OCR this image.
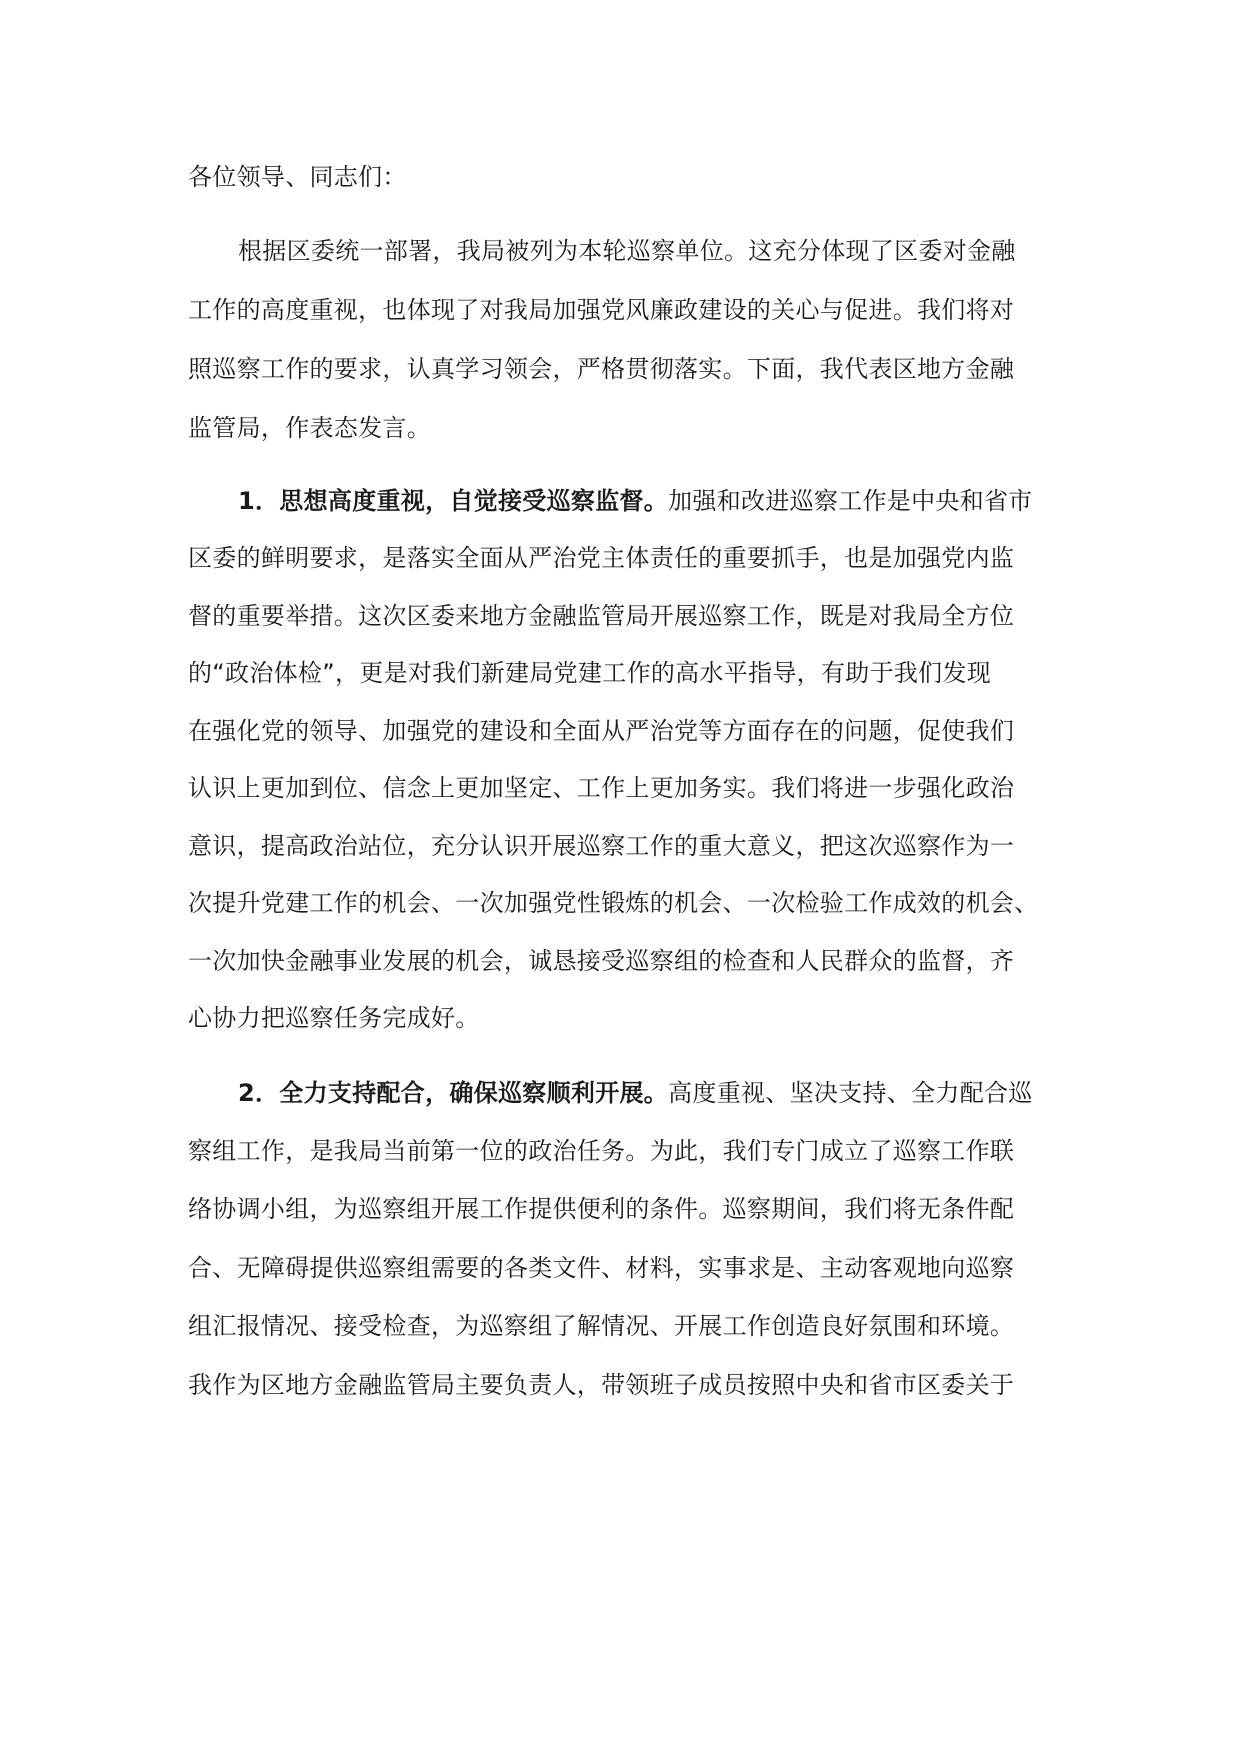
各位领导、同志们：
根据区委统一部署，我局被列为本轮巡察单位。这充分体现了区委对金融
工作的高度重视，也体现了对我局加强党风廉政建设的关心与促进。我们将对
照巡察工作的要求，认真学习领会，严格贯彻落实。下面，我代表区地方金融
监管局，作表态发言。
1．思想高度重视，自觉接受巡察监督。加强和改进巡察工作是中央和省市
区委的鲜明要求，是落实全面从严治党主体责任的重要抓手，也是加强党内监
督的重要举措。这次区委来地方金融监管局开展巡察工作，既是对我局全方位
的“政治体检”，更是对我们新建局党建工作的高水平指导，有助于我们发现
在强化党的领导、加强党的建设和全面从严治党等方面存在的问题，促使我们
认识上更加到位、信念上更加坚定、工作上更加务实。我们将进一步强化政治
意识，提高政治站位，充分认识开展巡察工作的重大意义，把这次巡察作为一
次提升党建工作的机会、一次加强党性锻炼的机会、一次检验工作成效的机会、
一次加快金融事业发展的机会，诚恳接受巡察组的检查和人民群众的监督，齐
心协力把巡察任务完成好。
2．全力支持配合，确保巡察顺利开展。高度重视、坚决支持、全力配合巡
察组工作，是我局当前第一位的政治任务。为此，我们专门成立了巡察工作联
络协调小组，为巡察组开展工作提供便利的条件。巡察期间，我们将无条件配
合、无障碍提供巡察组需要的各类文件、材料，实事求是、主动客观地向巡察
组汇报情况、接受检查，为巡察组了解情况、开展工作创造良好氛围和环境。
我作为区地方金融监管局主要负责人，带领班子成员按照中央和省市区委关于
